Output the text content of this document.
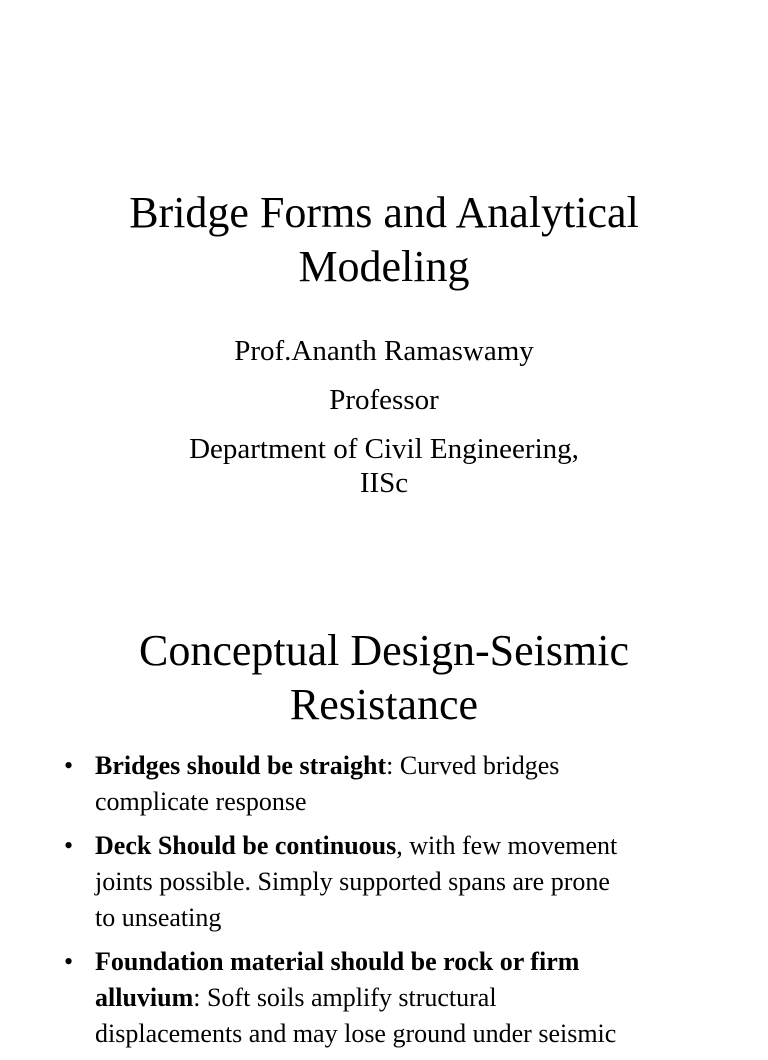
Bridge Forms and Analytical
Modeling
Prof.Ananth Ramaswamy
Professor
Department of Civil Engineering,
IISc
Conceptual Design-Seismic
Resistance
• Bridges should be straight: Curved bridges
complicate response
• Deck Should be continuous, with few movement
joints possible. Simply supported spans are prone
to unseating
• Foundation material should be rock or firm
alluvium: Soft soils amplify structural
displacements and may lose ground under seismic
